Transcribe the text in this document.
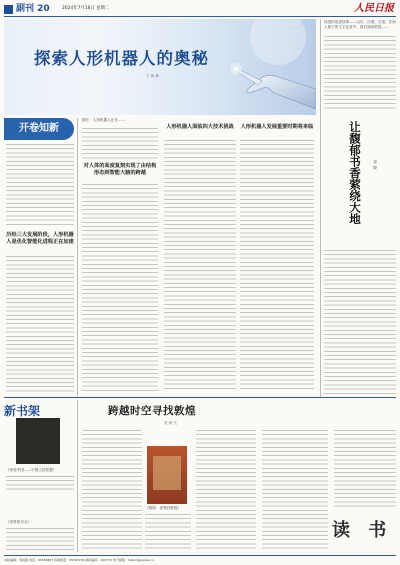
副刊 20	2024年7月18日 星期二	人民日报
探索人形机器人的奥秘
卞 海 林
开卷知新
历经三大发展阶段，人形机器人是优化智能化进程正在加速
图片：人形机器人正在……
对人体的高度复刻实现了由结构形态到智能大脑的跨越
人形机器人面临四大技术挑战	人形机器人发展重要时期将来临
熟悉的前进故事——山川、沙漠、古迹，在前人留下的文字记录中，我们阅读敦煌……
让馥郁书香萦绕大地	李 晓
新书架
《体验中国——中国人的智慧》
《世界的尽头》
跨越时空寻找敦煌
武 润 芝
《敦煌：世界的敦煌》
读 书
本版编辑：刘雨嘉 电话：65368467 印刷质量：65367234 邮政编码：100733 电子邮箱：fukan@people.cn
